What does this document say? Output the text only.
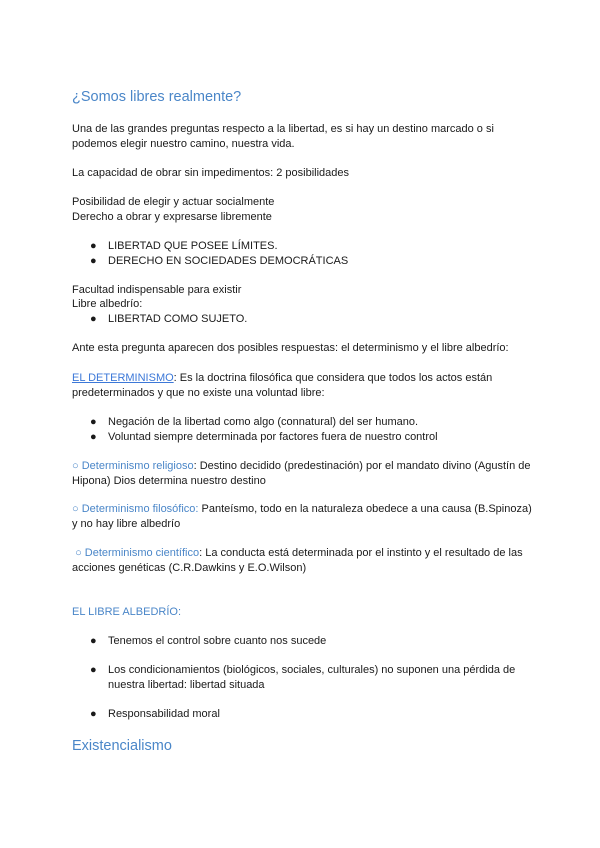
¿Somos libres realmente?
Una de las grandes preguntas respecto a la libertad, es si hay un destino marcado o si podemos elegir nuestro camino, nuestra vida.
La capacidad de obrar sin impedimentos: 2 posibilidades
Posibilidad de elegir y actuar socialmente
Derecho a obrar y expresarse libremente
● LIBERTAD QUE POSEE LÍMITES.
● DERECHO EN SOCIEDADES DEMOCRÁTICAS
Facultad indispensable para existir
Libre albedrío:
● LIBERTAD COMO SUJETO.
Ante esta pregunta aparecen dos posibles respuestas: el determinismo y el libre albedrío:
EL DETERMINISMO: Es la doctrina filosófica que considera que todos los actos están predeterminados y que no existe una voluntad libre:
● Negación de la libertad como algo (connatural) del ser humano.
● Voluntad siempre determinada por factores fuera de nuestro control
○ Determinismo religioso: Destino decidido (predestinación) por el mandato divino (Agustín de Hipona) Dios determina nuestro destino
○ Determinismo filosófico: Panteísmo, todo en la naturaleza obedece a una causa (B.Spinoza) y no hay libre albedrío
○ Determinismo científico: La conducta está determinada por el instinto y el resultado de las acciones genéticas (C.R.Dawkins y E.O.Wilson)
EL LIBRE ALBEDRÍO:
● Tenemos el control sobre cuanto nos sucede
● Los condicionamientos (biológicos, sociales, culturales) no suponen una pérdida de nuestra libertad: libertad situada
● Responsabilidad moral
Existencialismo
